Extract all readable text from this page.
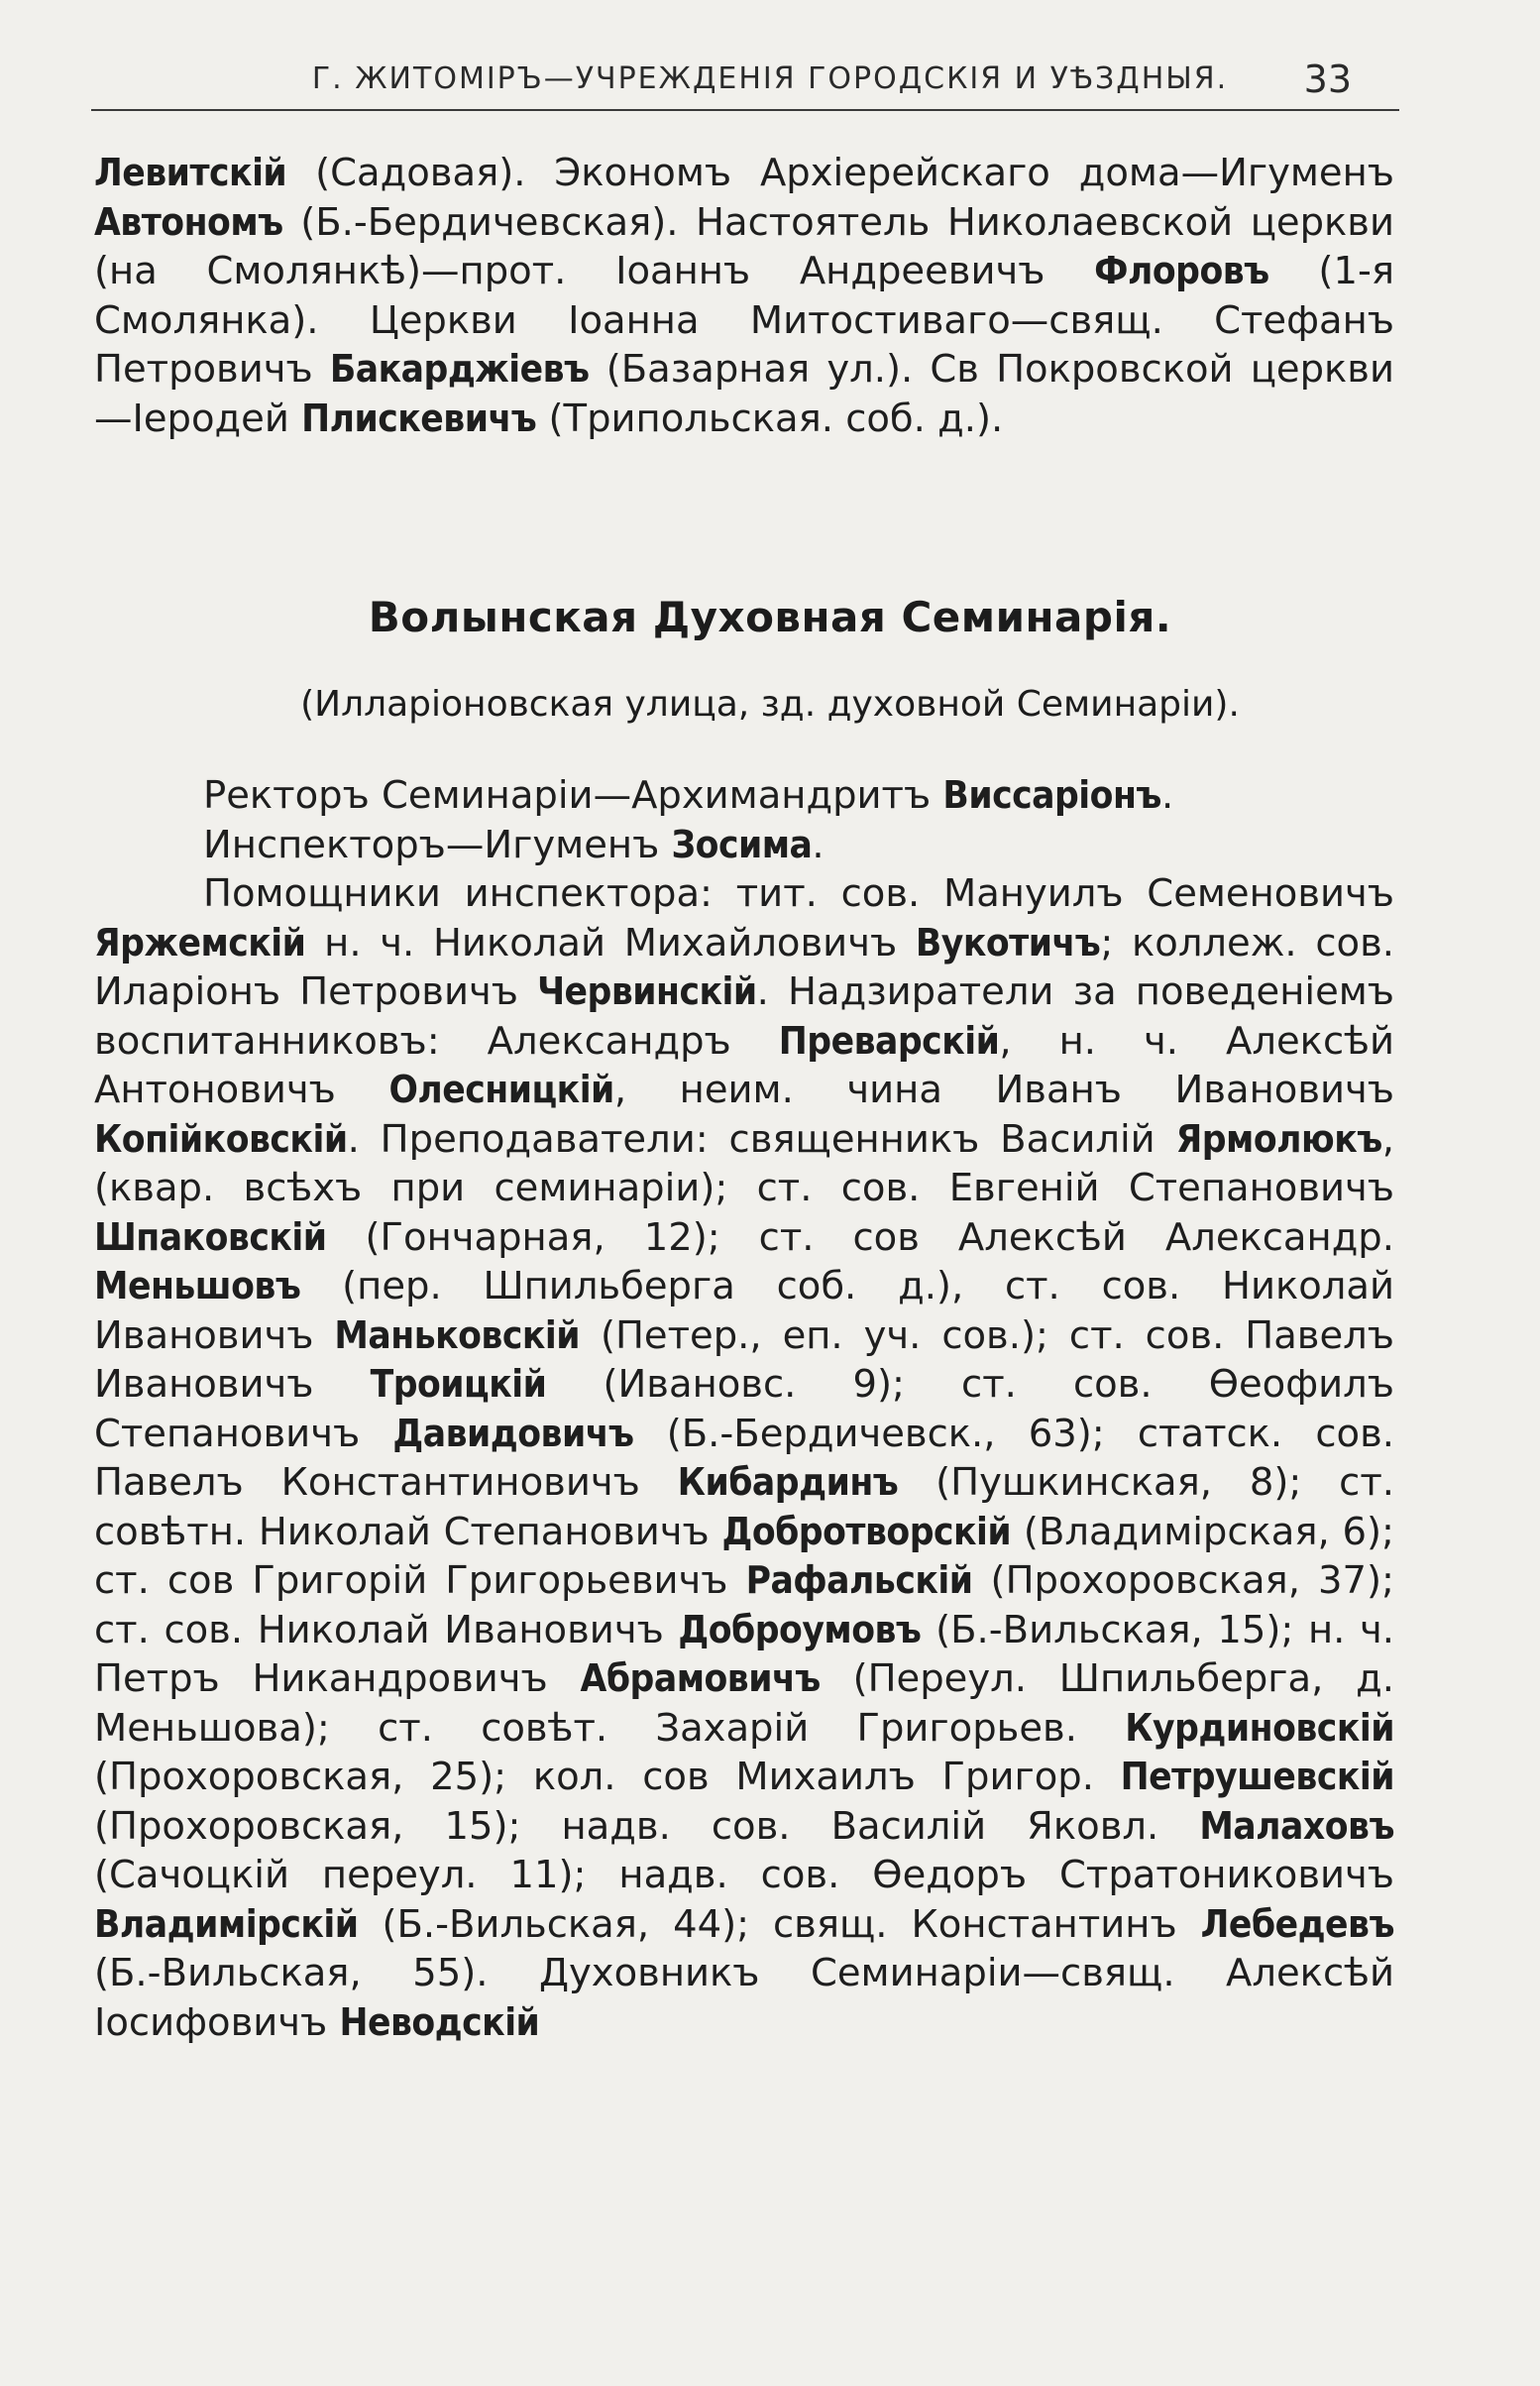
Г. ЖИТОМІРЪ—УЧРЕЖДЕНІЯ ГОРОДСКІЯ И УѢЗДНЫЯ.	33

Левитскій (Садовая). Экономъ Архіерейскаго дома—Игуменъ Автономъ (Б.-Бердичевская). Настоятель Николаевской церкви (на Смолянкѣ)—прот. Іоаннъ Андреевичъ Флоровъ (1-я Смолянка). Церкви Іоанна Митостиваго—свящ. Стефанъ Петровичъ Бакарджіевъ (Базарная ул.). Св Покровской церкви—Іеродей Плискевичъ (Трипольская. соб. д.).

Волынская Духовная Семинарія.
(Илларіоновская улица, зд. духовной Семинаріи).

Ректоръ Семинаріи—Архимандритъ Виссаріонъ.

Инспекторъ—Игуменъ Зосима.

Помощники инспектора: тит. сов. Мануилъ Семеновичъ Яржемскій н. ч. Николай Михайловичъ Вукотичъ; коллеж. сов. Иларіонъ Петровичъ Червинскій. Надзиратели за поведеніемъ воспитанниковъ: Александръ Преварскій, н. ч. Алексѣй Антоновичъ Олесницкій, неим. чина Иванъ Ивановичъ Копійковскій. Преподаватели: священникъ Василій Ярмолюкъ, (квар. всѣхъ при семинаріи); ст. сов. Евгеній Степановичъ Шпаковскій (Гончарная, 12); ст. сов Алексѣй Александр. Меньшовъ (пер. Шпильберга соб. д.), ст. сов. Николай Ивановичъ Маньковскій (Петер., еп. уч. сов.); ст. сов. Павелъ Ивановичъ Троицкій (Ивановс. 9); ст. сов. Өеофилъ Степановичъ Давидовичъ (Б.-Бердичевск., 63); статск. сов. Павелъ Константиновичъ Кибардинъ (Пушкинская, 8); ст. совѣтн. Николай Степановичъ Добротворскій (Владимірская, 6); ст. сов Григорій Григорьевичъ Рафальскій (Прохоровская, 37); ст. сов. Николай Ивановичъ Доброумовъ (Б.-Вильская, 15); н. ч. Петръ Никандровичъ Абрамовичъ (Переул. Шпильберга, д. Меньшова); ст. совѣт. Захарій Григорьев. Курдиновскій (Прохоровская, 25); кол. сов Михаилъ Григор. Петрушевскій (Прохоровская, 15); надв. сов. Василій Яковл. Малаховъ (Сачоцкій переул. 11); надв. сов. Өедоръ Стратониковичъ Владимірскій (Б.-Вильская, 44); свящ. Константинъ Лебедевъ (Б.-Вильская, 55). Духовникъ Семинаріи—свящ. Алексѣй Іосифовичъ Неводскій
